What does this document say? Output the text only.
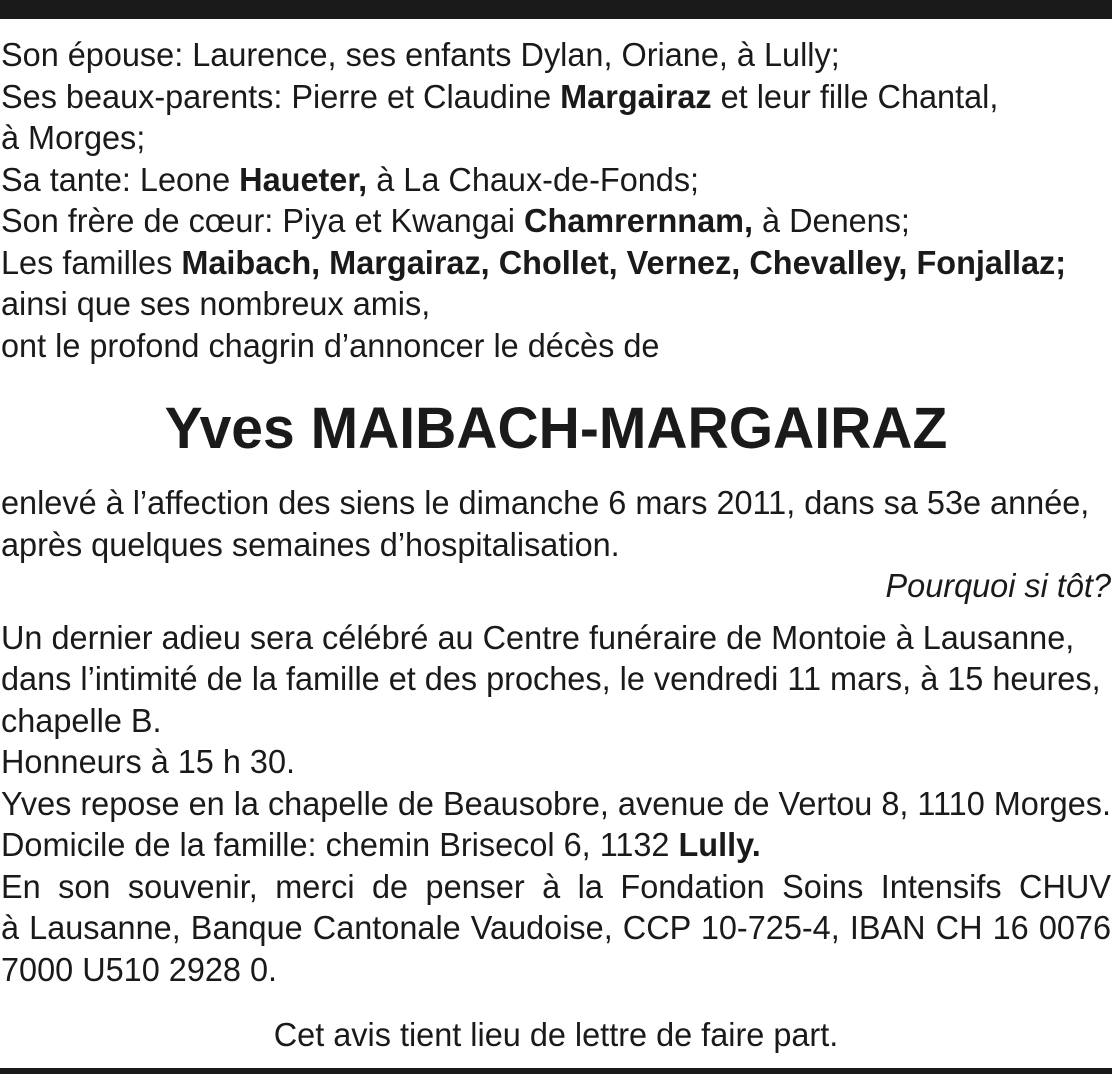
Son épouse: Laurence, ses enfants Dylan, Oriane, à Lully;
Ses beaux-parents: Pierre et Claudine Margairaz et leur fille Chantal,
à Morges;
Sa tante: Leone Haueter, à La Chaux-de-Fonds;
Son frère de cœur: Piya et Kwangai Chamrernnam, à Denens;
Les familles Maibach, Margairaz, Chollet, Vernez, Chevalley, Fonjallaz;
ainsi que ses nombreux amis,
ont le profond chagrin d’annoncer le décès de
Yves MAIBACH-MARGAIRAZ
enlevé à l’affection des siens le dimanche 6 mars 2011, dans sa 53e année,
après quelques semaines d’hospitalisation.
Pourquoi si tôt?
Un dernier adieu sera célébré au Centre funéraire de Montoie à Lausanne,
dans l’intimité de la famille et des proches, le vendredi 11 mars, à 15 heures,
chapelle B.
Honneurs à 15 h 30.
Yves repose en la chapelle de Beausobre, avenue de Vertou 8, 1110 Morges.
Domicile de la famille: chemin Brisecol 6, 1132 Lully.
En son souvenir, merci de penser à la Fondation Soins Intensifs CHUV
à Lausanne, Banque Cantonale Vaudoise, CCP 10-725-4, IBAN CH 16 0076
7000 U510 2928 0.
Cet avis tient lieu de lettre de faire part.
